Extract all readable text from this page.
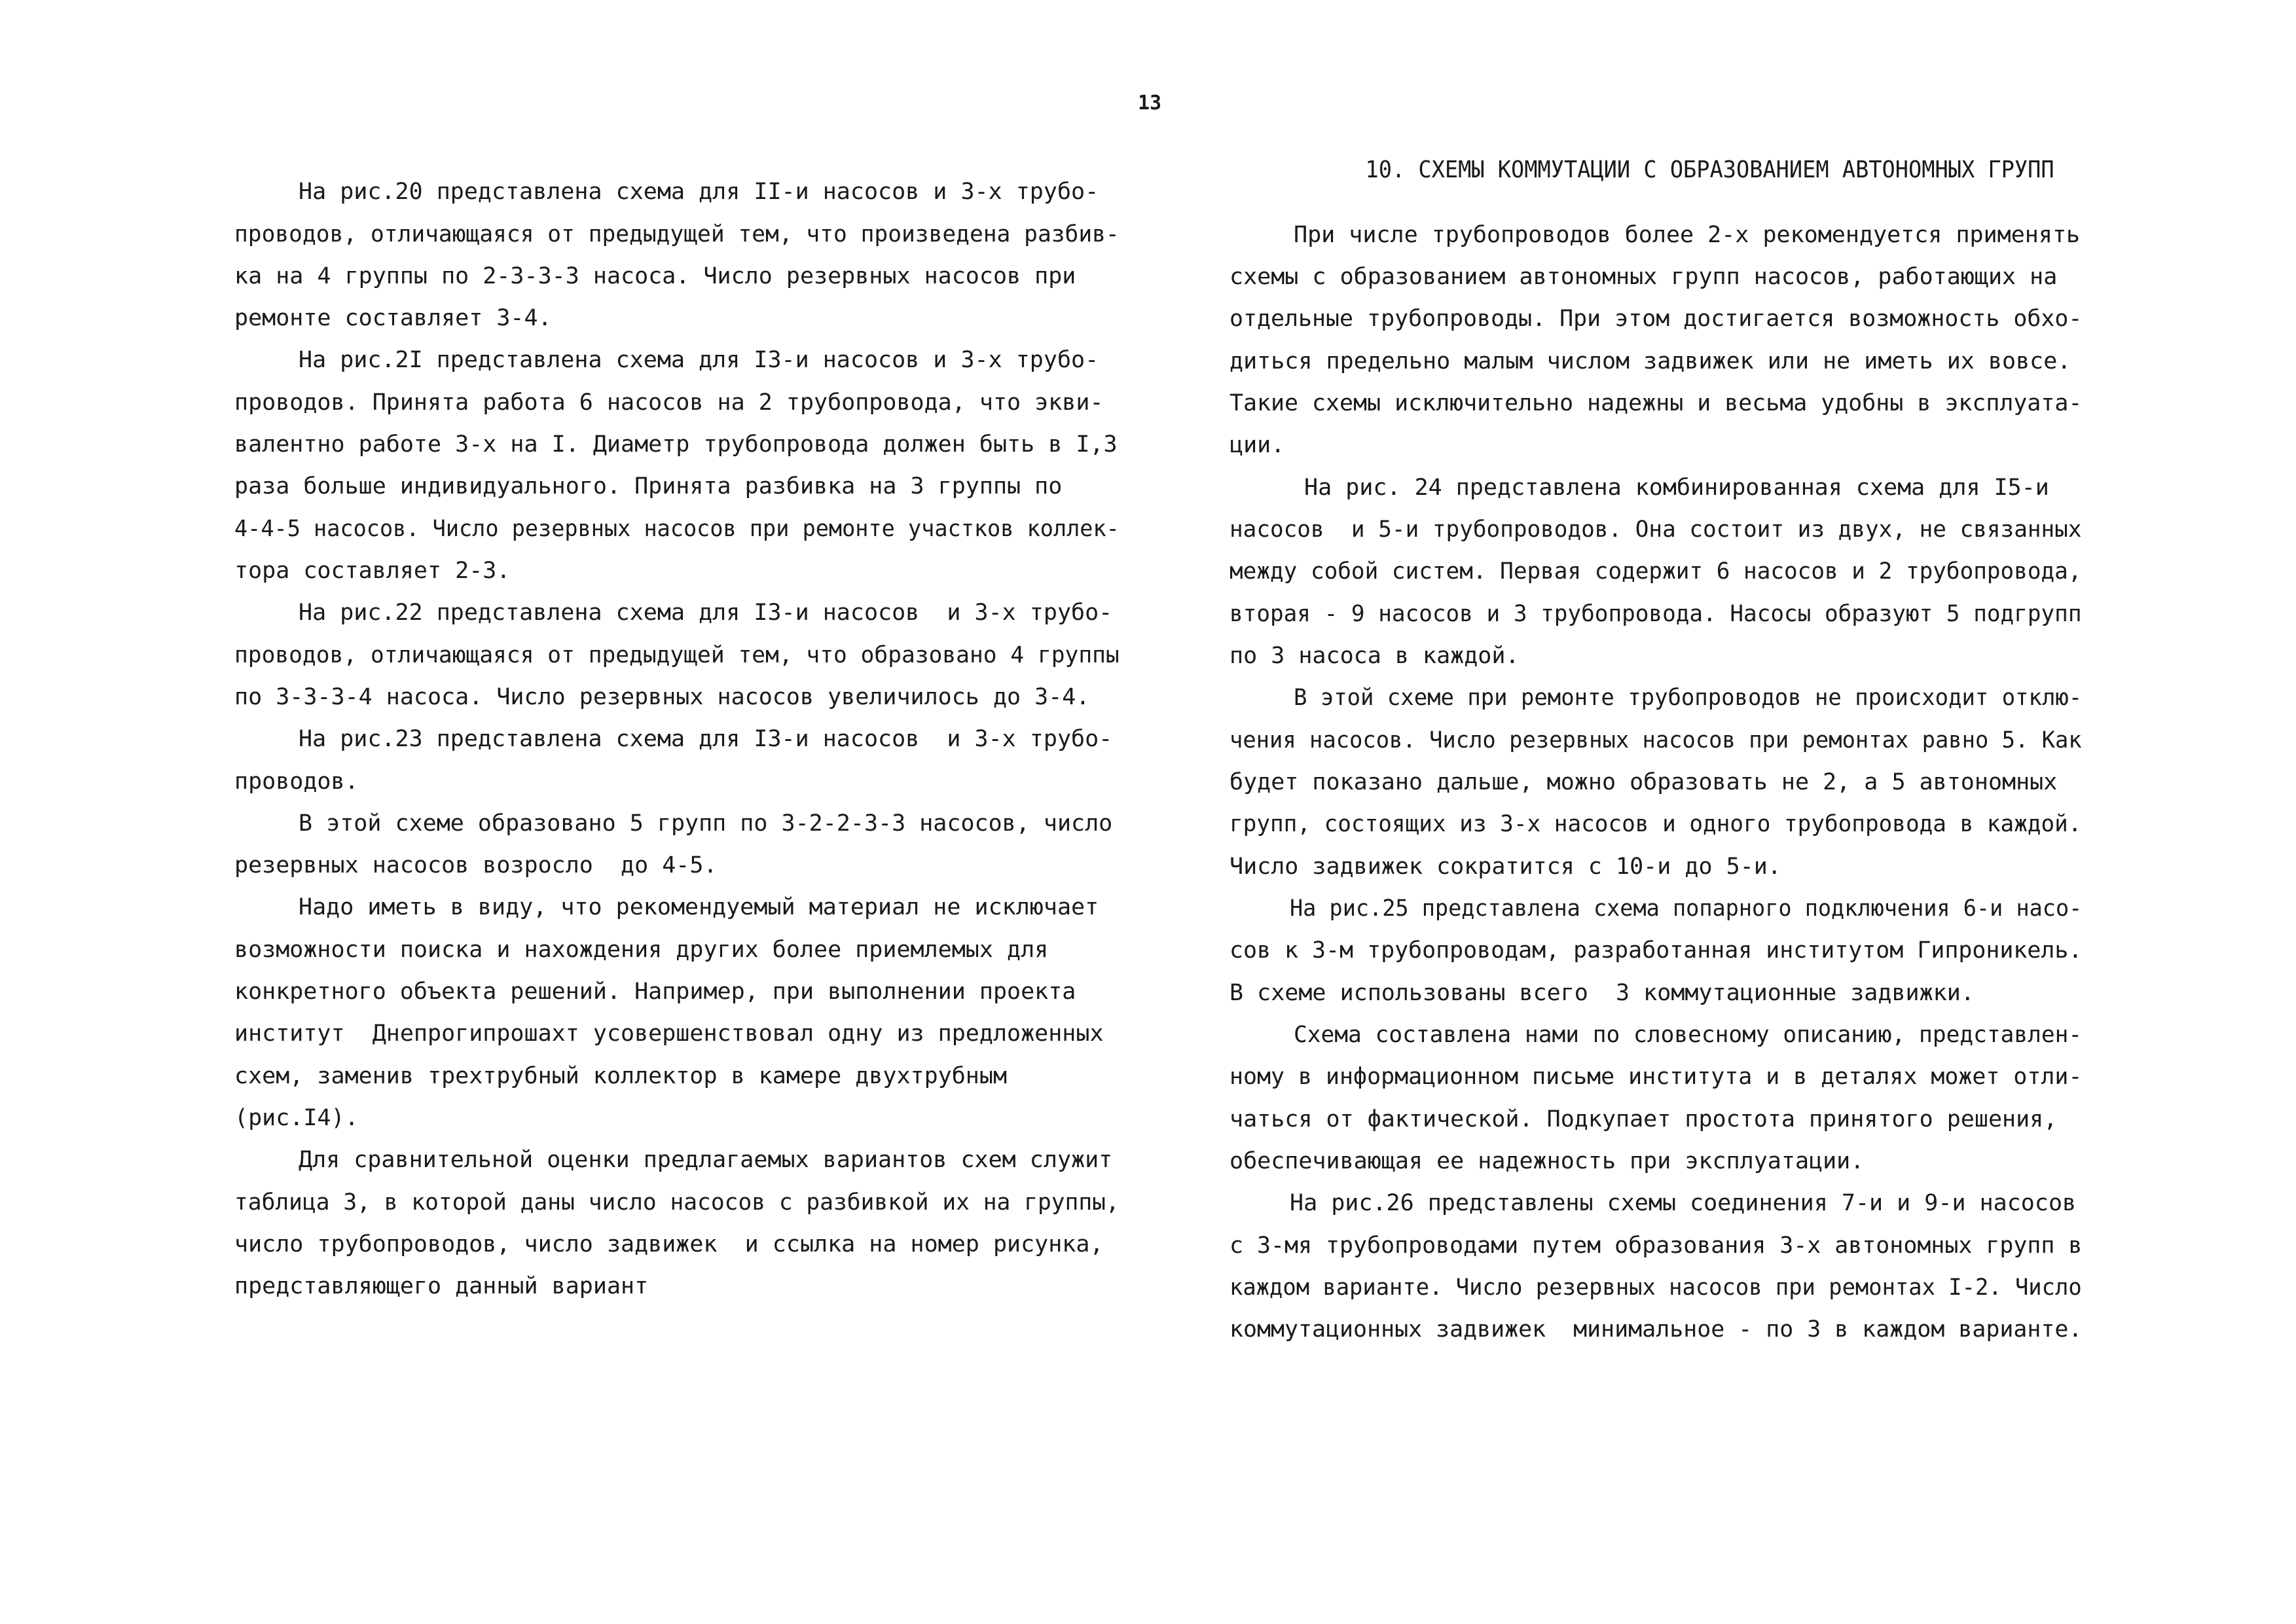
13
10. СХЕМЫ КОММУТАЦИИ С ОБРАЗОВАНИЕМ АВТОНОМНЫХ ГРУПП
На рис.20 представлена схема для II-и насосов и 3-х трубо-
проводов, отличающаяся от предыдущей тем, что произведена разбив-
ка на 4 группы по 2-3-3-3 насоса. Число резервных насосов при
ремонте составляет 3-4.
На рис.2I представлена схема для I3-и насосов и 3-х трубо-
проводов. Принята работа 6 насосов на 2 трубопровода, что экви-
валентно работе 3-х на I. Диаметр трубопровода должен быть в I,3
раза больше индивидуального. Принята разбивка на 3 группы по
4-4-5 насосов. Число резервных насосов при ремонте участков коллек-
тора составляет 2-3.
На рис.22 представлена схема для I3-и насосов  и 3-х трубо-
проводов, отличающаяся от предыдущей тем, что образовано 4 группы
по 3-3-3-4 насоса. Число резервных насосов увеличилось до 3-4.
На рис.23 представлена схема для I3-и насосов  и 3-х трубо-
проводов.
В этой схеме образовано 5 групп по 3-2-2-3-3 насосов, число
резервных насосов возросло  до 4-5.
Надо иметь в виду, что рекомендуемый материал не исключает
возможности поиска и нахождения других более приемлемых для
конкретного объекта решений. Например, при выполнении проекта
институт  Днепрогипрошахт усовершенствовал одну из предложенных
схем, заменив трехтрубный коллектор в камере двухтрубным
(рис.I4).
Для сравнительной оценки предлагаемых вариантов схем служит
таблица 3, в которой даны число насосов с разбивкой их на группы,
число трубопроводов, число задвижек  и ссылка на номер рисунка,
представляющего данный вариант
При числе трубопроводов более 2-х рекомендуется применять
схемы с образованием автономных групп насосов, работающих на
отдельные трубопроводы. При этом достигается возможность обхо-
диться предельно малым числом задвижек или не иметь их вовсе.
Такие схемы исключительно надежны и весьма удобны в эксплуата-
ции.
На рис. 24 представлена комбинированная схема для I5-и
насосов  и 5-и трубопроводов. Она состоит из двух, не связанных
между собой систем. Первая содержит 6 насосов и 2 трубопровода,
вторая - 9 насосов и 3 трубопровода. Насосы образуют 5 подгрупп
по 3 насоса в каждой.
В этой схеме при ремонте трубопроводов не происходит отклю-
чения насосов. Число резервных насосов при ремонтах равно 5. Как
будет показано дальше, можно образовать не 2, а 5 автономных
групп, состоящих из 3-х насосов и одного трубопровода в каждой.
Число задвижек сократится с 10-и до 5-и.
На рис.25 представлена схема попарного подключения 6-и насо-
сов к 3-м трубопроводам, разработанная институтом Гипроникель.
В схеме использованы всего  3 коммутационные задвижки.
Схема составлена нами по словесному описанию, представлен-
ному в информационном письме института и в деталях может отли-
чаться от фактической. Подкупает простота принятого решения,
обеспечивающая ее надежность при эксплуатации.
На рис.26 представлены схемы соединения 7-и и 9-и насосов
с 3-мя трубопроводами путем образования 3-х автономных групп в
каждом варианте. Число резервных насосов при ремонтах I-2. Число
коммутационных задвижек  минимальное - по 3 в каждом варианте.
